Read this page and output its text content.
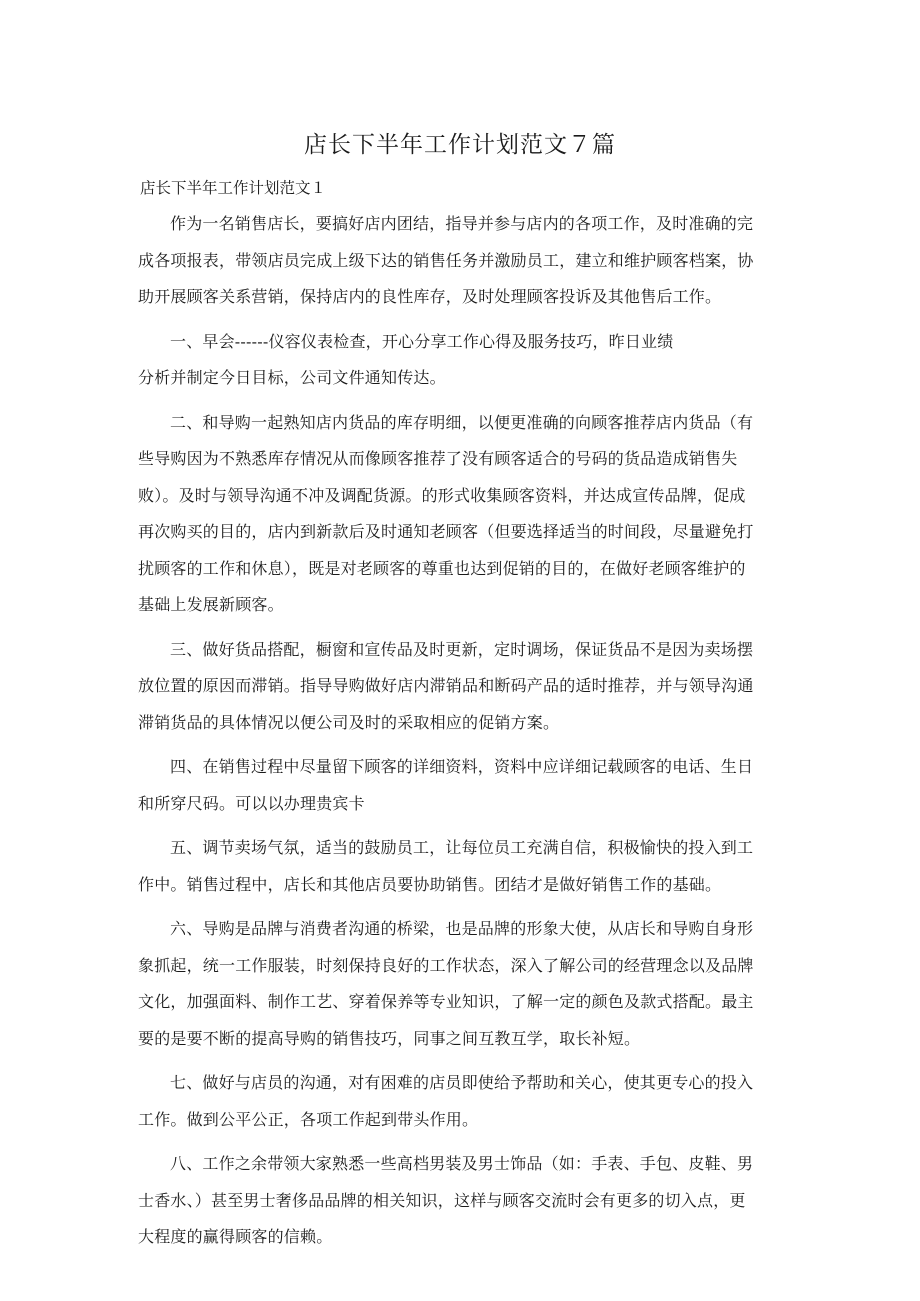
店长下半年工作计划范文７篇

店长下半年工作计划范文１

作为一名销售店长，要搞好店内团结，指导并参与店内的各项工作，及时准确的完
成各项报表，带领店员完成上级下达的销售任务并激励员工，建立和维护顾客档案，协
助开展顾客关系营销，保持店内的良性库存，及时处理顾客投诉及其他售后工作。

一、早会------仪容仪表检查，开心分享工作心得及服务技巧，昨日业绩
分析并制定今日目标，公司文件通知传达。

二、和导购一起熟知店内货品的库存明细，以便更准确的向顾客推荐店内货品（有
些导购因为不熟悉库存情况从而像顾客推荐了没有顾客适合的号码的货品造成销售失
败）。及时与领导沟通不冲及调配货源。的形式收集顾客资料，并达成宣传品牌，促成
再次购买的目的，店内到新款后及时通知老顾客（但要选择适当的时间段，尽量避免打
扰顾客的工作和休息），既是对老顾客的尊重也达到促销的目的，在做好老顾客维护的
基础上发展新顾客。

三、做好货品搭配，橱窗和宣传品及时更新，定时调场，保证货品不是因为卖场摆
放位置的原因而滞销。指导导购做好店内滞销品和断码产品的适时推荐，并与领导沟通
滞销货品的具体情况以便公司及时的采取相应的促销方案。

四、在销售过程中尽量留下顾客的详细资料，资料中应详细记载顾客的电话、生日
和所穿尺码。可以以办理贵宾卡

五、调节卖场气氛，适当的鼓励员工，让每位员工充满自信，积极愉快的投入到工
作中。销售过程中，店长和其他店员要协助销售。团结才是做好销售工作的基础。

六、导购是品牌与消费者沟通的桥梁，也是品牌的形象大使，从店长和导购自身形
象抓起，统一工作服装，时刻保持良好的工作状态，深入了解公司的经营理念以及品牌
文化，加强面料、制作工艺、穿着保养等专业知识，了解一定的颜色及款式搭配。最主
要的是要不断的提高导购的销售技巧，同事之间互教互学，取长补短。

七、做好与店员的沟通，对有困难的店员即使给予帮助和关心，使其更专心的投入
工作。做到公平公正，各项工作起到带头作用。

八、工作之余带领大家熟悉一些高档男装及男士饰品（如：手表、手包、皮鞋、男
士香水、）甚至男士奢侈品品牌的相关知识，这样与顾客交流时会有更多的切入点，更
大程度的赢得顾客的信赖。
